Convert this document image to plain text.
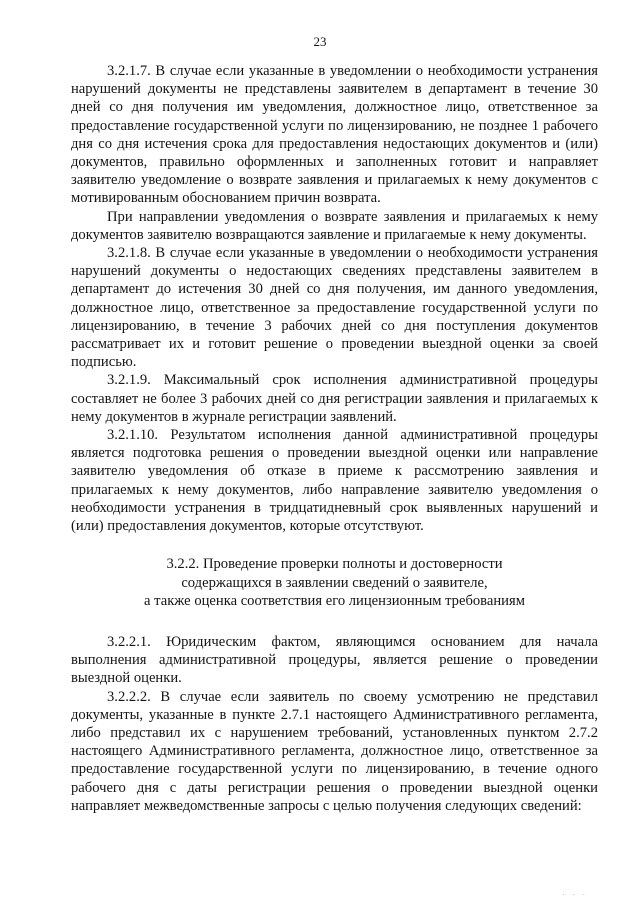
23

3.2.1.7. В случае если указанные в уведомлении о необходимости устранения нарушений документы не представлены заявителем в департамент в течение 30 дней со дня получения им уведомления, должностное лицо, ответственное за предоставление государственной услуги по лицензированию, не позднее 1 рабочего дня со дня истечения срока для предоставления недостающих документов и (или) документов, правильно оформленных и заполненных готовит и направляет заявителю уведомление о возврате заявления и прилагаемых к нему документов с мотивированным обоснованием причин возврата.

При направлении уведомления о возврате заявления и прилагаемых к нему документов заявителю возвращаются заявление и прилагаемые к нему документы.

3.2.1.8. В случае если указанные в уведомлении о необходимости устранения нарушений документы о недостающих сведениях представлены заявителем в департамент до истечения 30 дней со дня получения, им данного уведомления, должностное лицо, ответственное за предоставление государственной услуги по лицензированию, в течение 3 рабочих дней со дня поступления документов рассматривает их и готовит решение о проведении выездной оценки за своей подписью.

3.2.1.9. Максимальный срок исполнения административной процедуры составляет не более 3 рабочих дней со дня регистрации заявления и прилагаемых к нему документов в журнале регистрации заявлений.

3.2.1.10. Результатом исполнения данной административной процедуры является подготовка решения о проведении выездной оценки или направление заявителю уведомления об отказе в приеме к рассмотрению заявления и прилагаемых к нему документов, либо направление заявителю уведомления о необходимости устранения в тридцатидневный срок выявленных нарушений и (или) предоставления документов, которые отсутствуют.

3.2.2. Проведение проверки полноты и достоверности
содержащихся в заявлении сведений о заявителе,
а также оценка соответствия его лицензионным требованиям

3.2.2.1. Юридическим фактом, являющимся основанием для начала выполнения административной процедуры, является решение о проведении выездной оценки.

3.2.2.2. В случае если заявитель по своему усмотрению не представил документы, указанные в пункте 2.7.1 настоящего Административного регламента, либо представил их с нарушением требований, установленных пунктом 2.7.2 настоящего Административного регламента, должностное лицо, ответственное за предоставление государственной услуги по лицензированию, в течение одного рабочего дня с даты регистрации решения о проведении выездной оценки направляет межведомственные запросы с целью получения следующих сведений:

· · ·
